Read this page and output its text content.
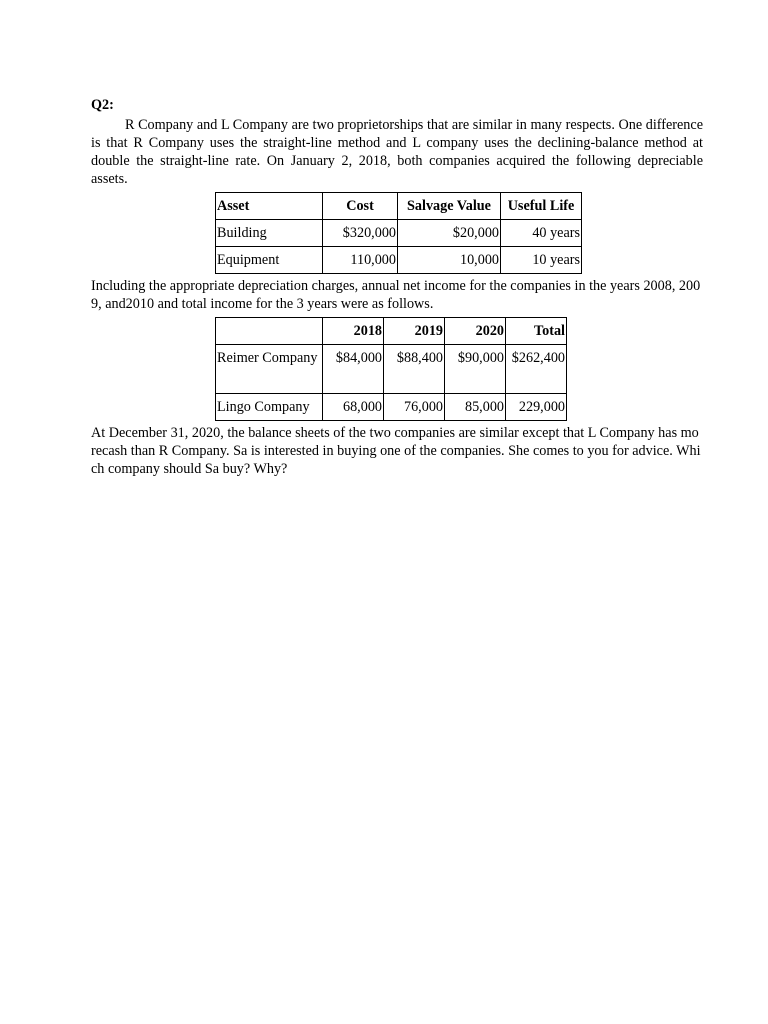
Q2:

R Company and L Company are two proprietorships that are similar in many respects. One difference is that R Company uses the straight-line method and L company uses the declining-balance method at double the straight-line rate. On January 2, 2018, both companies acquired the following depreciable assets.

Asset	Cost	Salvage Value	Useful Life
Building	$320,000	$20,000	40 years
Equipment	110,000	10,000	10 years

Including the appropriate depreciation charges, annual net income for the companies in the years 2008, 2009, and2010 and total income for the 3 years were as follows.

	2018	2019	2020	Total
Reimer Company	$84,000	$88,400	$90,000	$262,400
Lingo Company	68,000	76,000	85,000	229,000

At December 31, 2020, the balance sheets of the two companies are similar except that L Company has morecash than R Company. Sa is interested in buying one of the companies. She comes to you for advice. Which company should Sa buy? Why?
